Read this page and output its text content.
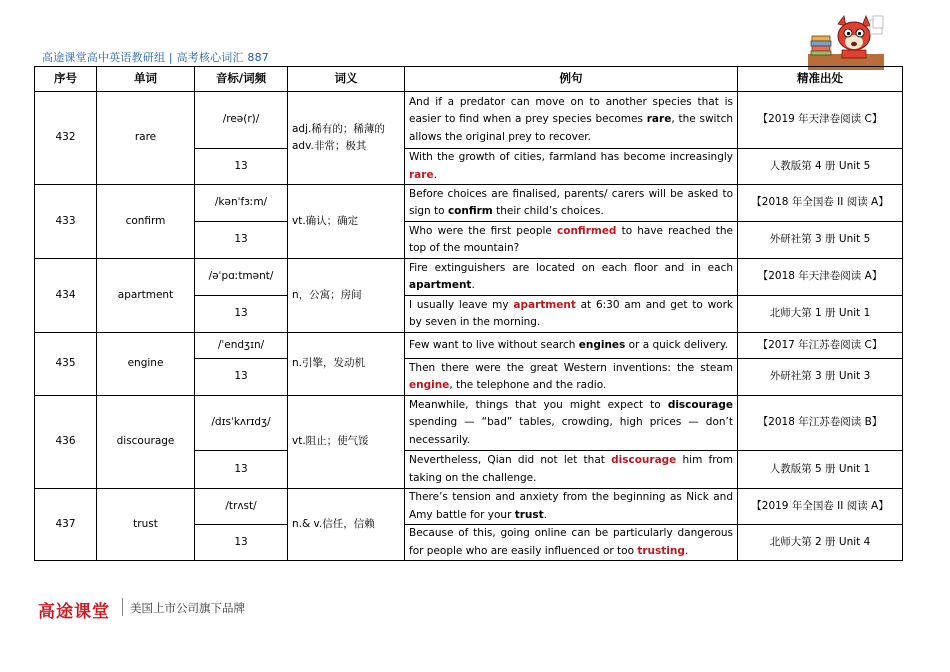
高途课堂高中英语教研组 | 高考核心词汇 887
序号	单词	音标/词频	词义	例句	精准出处
432	rare	/reə(r)/	adj.稀有的；稀薄的 adv.非常；极其	And if a predator can move on to another species that is easier to find when a prey species becomes rare, the switch allows the original prey to recover.	【2019 年天津卷阅读 C】
		13		With the growth of cities, farmland has become increasingly rare.	人教版第 4 册 Unit 5
433	confirm	/kənˈfɜːm/	vt.确认；确定	Before choices are finalised, parents/ carers will be asked to sign to confirm their child’s choices.	【2018 年全国卷 II 阅读 A】
		13		Who were the first people confirmed to have reached the top of the mountain?	外研社第 3 册 Unit 5
434	apartment	/əˈpɑːtmənt/	n，公寓；房间	Fire extinguishers are located on each floor and in each apartment.	【2018 年天津卷阅读 A】
		13		I usually leave my apartment at 6:30 am and get to work by seven in the morning.	北师大第 1 册 Unit 1
435	engine	/ˈendʒɪn/	n.引擎，发动机	Few want to live without search engines or a quick delivery.	【2017 年江苏卷阅读 C】
		13		Then there were the great Western inventions: the steam engine, the telephone and the radio.	外研社第 3 册 Unit 3
436	discourage	/dɪsˈkʌrɪdʒ/	vt.阻止；使气馁	Meanwhile, things that you might expect to discourage spending — “bad” tables, crowding, high prices — don’t necessarily.	【2018 年江苏卷阅读 B】
		13		Nevertheless, Qian did not let that discourage him from taking on the challenge.	人教版第 5 册 Unit 1
437	trust	/trʌst/	n.& v.信任，信赖	There’s tension and anxiety from the beginning as Nick and Amy battle for your trust.	【2019 年全国卷 II 阅读 A】
		13		Because of this, going online can be particularly dangerous for people who are easily influenced or too trusting.	北师大第 2 册 Unit 4
高途课堂 美国上市公司旗下品牌
